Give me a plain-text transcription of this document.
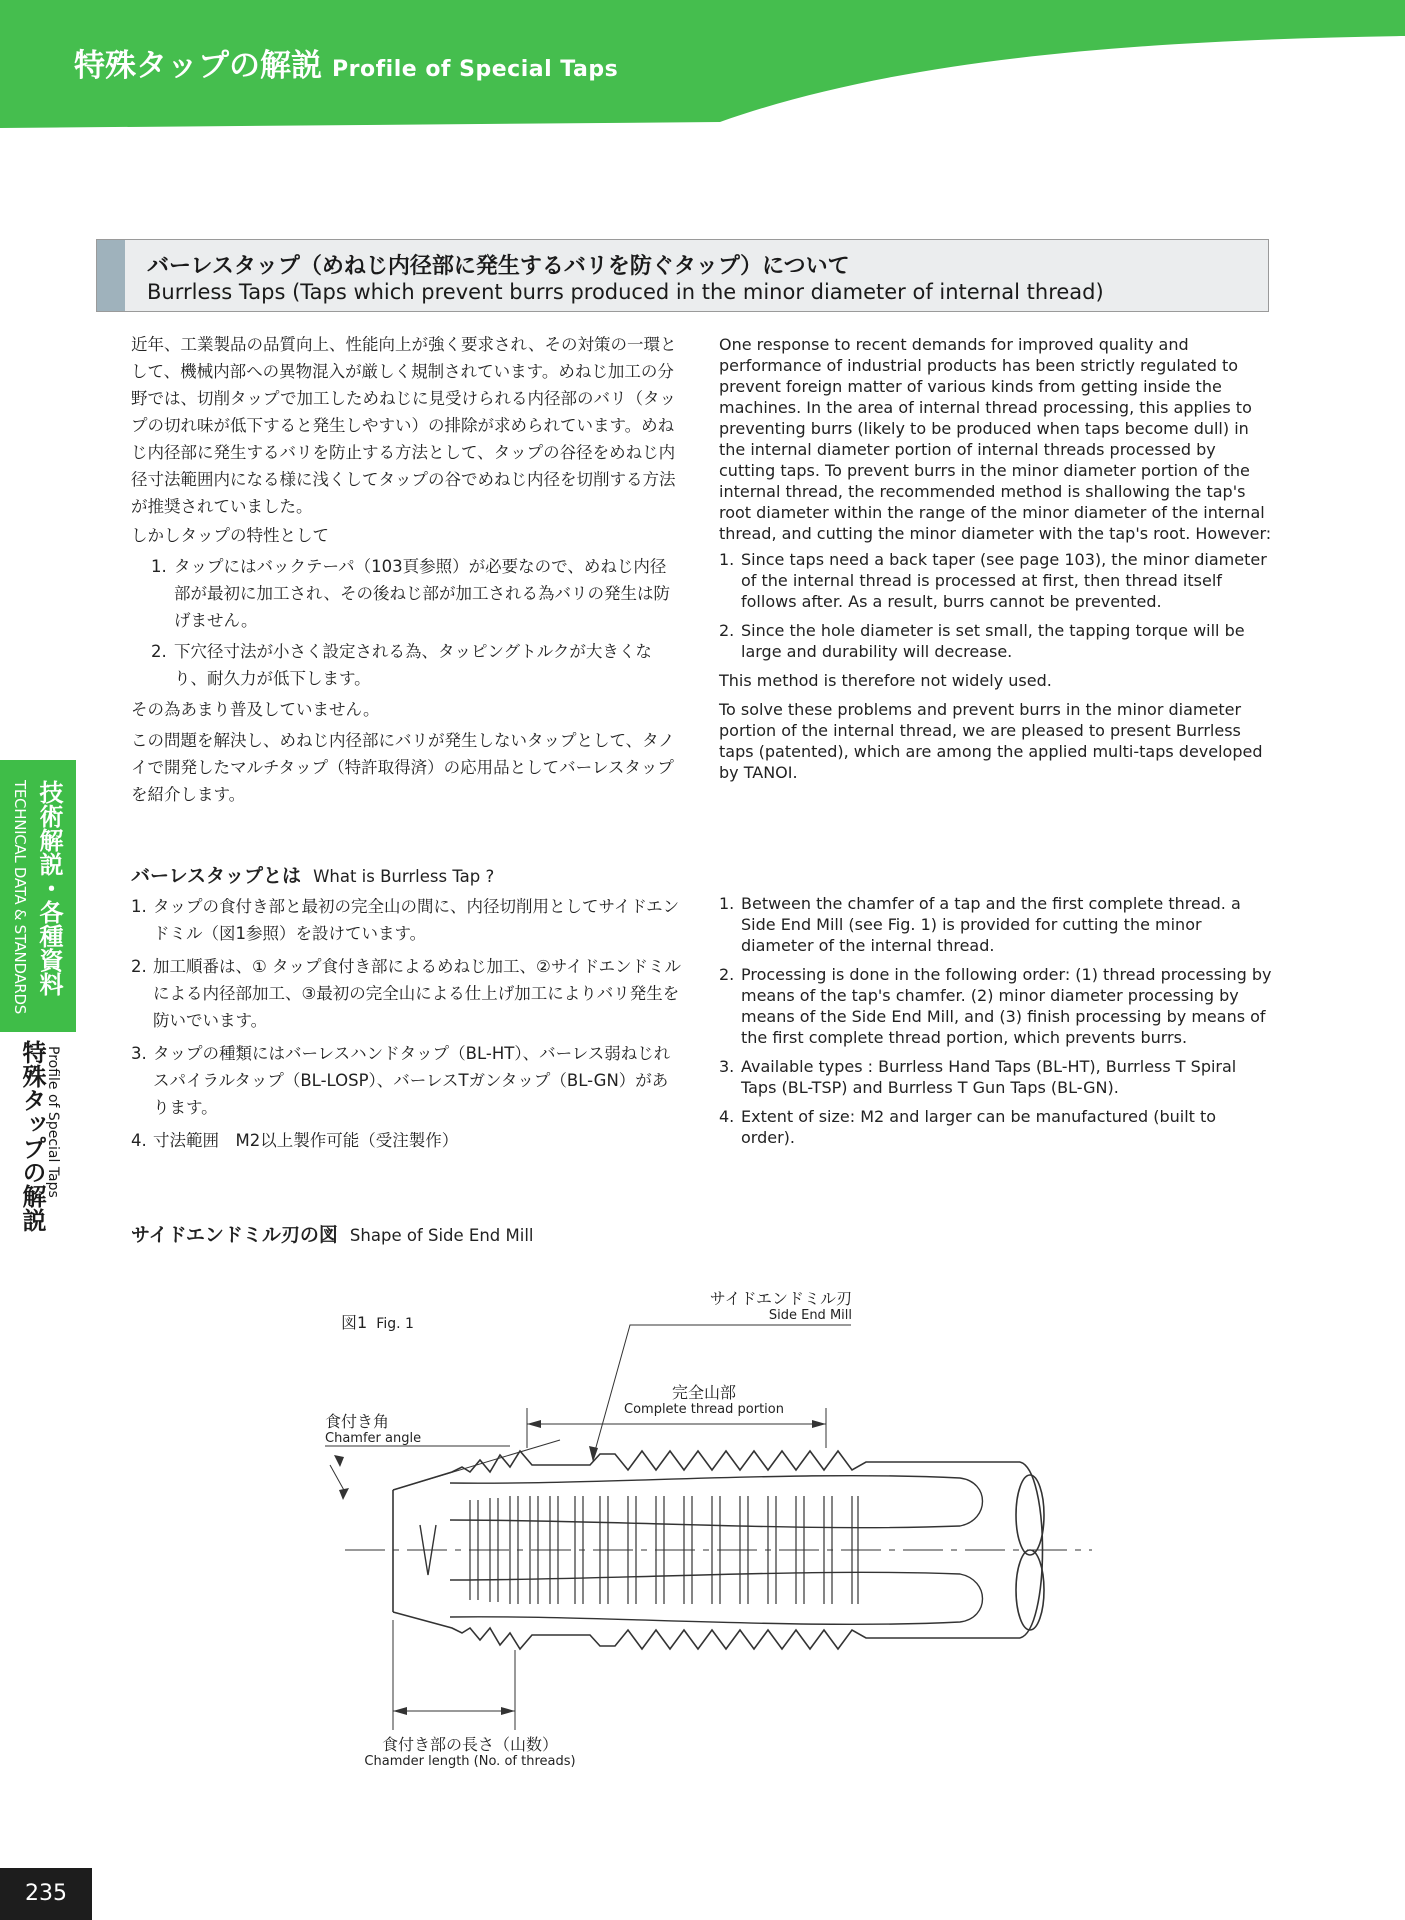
特殊タップの解説 Profile of Special Taps
バーレスタップ（めねじ内径部に発生するバリを防ぐタップ）について
Burrless Taps (Taps which prevent burrs produced in the minor diameter of internal thread)

近年、工業製品の品質向上、性能向上が強く要求され、その対策の一環として、機械内部への異物混入が厳しく規制されています。めねじ加工の分野では、切削タップで加工しためねじに見受けられる内径部のバリ（タップの切れ味が低下すると発生しやすい）の排除が求められています。めねじ内径部に発生するバリを防止する方法として、タップの谷径をめねじ内径寸法範囲内になる様に浅くしてタップの谷でめねじ内径を切削する方法が推奨されていました。

しかしタップの特性として

1. タップにはバックテーパ（103頁参照）が必要なので、めねじ内径部が最初に加工され、その後ねじ部が加工される為バリの発生は防げません。
2. 下穴径寸法が小さく設定される為、タッピングトルクが大きくなり、耐久力が低下します。

その為あまり普及していません。

この問題を解決し、めねじ内径部にバリが発生しないタップとして、タノイで開発したマルチタップ（特許取得済）の応用品としてバーレスタップを紹介します。

One response to recent demands for improved quality and performance of industrial products has been strictly regulated to prevent foreign matter of various kinds from getting inside the machines. In the area of internal thread processing, this applies to preventing burrs (likely to be produced when taps become dull) in the internal diameter portion of internal threads processed by cutting taps. To prevent burrs in the minor diameter portion of the internal thread, the recommended method is shallowing the tap's root diameter within the range of the minor diameter of the internal thread, and cutting the minor diameter with the tap's root. However:

1. Since taps need a back taper (see page 103), the minor diameter of the internal thread is processed at first, then thread itself follows after. As a result, burrs cannot be prevented.
2. Since the hole diameter is set small, the tapping torque will be large and durability will decrease.

This method is therefore not widely used.

To solve these problems and prevent burrs in the minor diameter portion of the internal thread, we are pleased to present Burrless taps (patented), which are among the applied multi-taps developed by TANOI.

バーレスタップとは What is Burrless Tap ?
1. タップの食付き部と最初の完全山の間に、内径切削用としてサイドエンドミル（図1参照）を設けています。
2. 加工順番は、① タップ食付き部によるめねじ加工、②サイドエンドミルによる内径部加工、③最初の完全山による仕上げ加工によりバリ発生を防いでいます。
3. タップの種類にはバーレスハンドタップ（BL-HT）、バーレス弱ねじれスパイラルタップ（BL-LOSP）、バーレスTガンタップ（BL-GN）があります。
4. 寸法範囲　M2以上製作可能（受注製作）
1. Between the chamfer of a tap and the first complete thread. a Side End Mill (see Fig. 1) is provided for cutting the minor diameter of the internal thread.
2. Processing is done in the following order: (1) thread processing by means of the tap's chamfer. (2) minor diameter processing by means of the Side End Mill, and (3) finish processing by means of the first complete thread portion, which prevents burrs.
3. Available types : Burrless Hand Taps (BL-HT), Burrless T Spiral Taps (BL-TSP) and Burrless T Gun Taps (BL-GN).
4. Extent of size: M2 and larger can be manufactured (built to order).
サイドエンドミル刃の図 Shape of Side End Mill
図1 Fig. 1
サイドエンドミル刃
Side End Mill
完全山部
Complete thread portion
食付き角
Chamfer angle
食付き部の長さ（山数）
Chamder length (No. of threads)
技術解説・各種資料
TECHNICAL DATA & STANDARDS
特殊タップの解説 Profile of Special Taps
235
